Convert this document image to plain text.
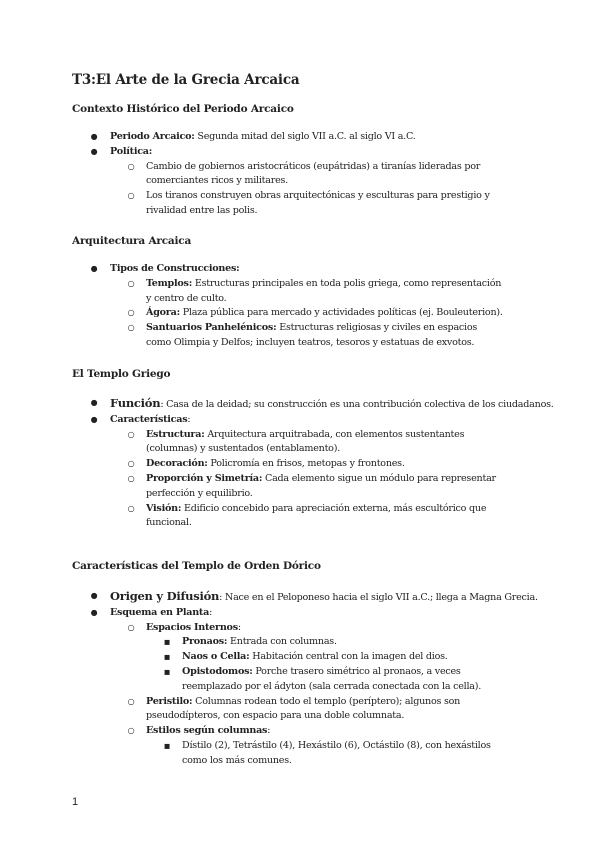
T3:El Arte de la Grecia Arcaica
Contexto Histórico del Periodo Arcaico
● Periodo Arcaico: Segunda mitad del siglo VII a.C. al siglo VI a.C.
● Política:
○ Cambio de gobiernos aristocráticos (eupátridas) a tiranías lideradas por comerciantes ricos y militares.
○ Los tiranos construyen obras arquitectónicas y esculturas para prestigio y rivalidad entre las polis.
Arquitectura Arcaica
● Tipos de Construcciones:
○ Templos: Estructuras principales en toda polis griega, como representación y centro de culto.
○ Ágora: Plaza pública para mercado y actividades políticas (ej. Bouleuterion).
○ Santuarios Panhelénicos: Estructuras religiosas y civiles en espacios como Olimpia y Delfos; incluyen teatros, tesoros y estatuas de exvotos.
El Templo Griego
● Función: Casa de la deidad; su construcción es una contribución colectiva de los ciudadanos.
● Características:
○ Estructura: Arquitectura arquitrabada, con elementos sustentantes (columnas) y sustentados (entablamento).
○ Decoración: Policromía en frisos, metopas y frontones.
○ Proporción y Simetría: Cada elemento sigue un módulo para representar perfección y equilibrio.
○ Visión: Edificio concebido para apreciación externa, más escultórico que funcional.
Características del Templo de Orden Dórico
● Origen y Difusión: Nace en el Peloponeso hacia el siglo VII a.C.; llega a Magna Grecia.
● Esquema en Planta:
○ Espacios Internos:
■	Pronaos: Entrada con columnas.
■	Naos o Cella: Habitación central con la imagen del dios.
■	Opistodomos: Porche trasero simétrico al pronaos, a veces reemplazado por el ádyton (sala cerrada conectada con la cella).
○ Peristilo: Columnas rodean todo el templo (períptero); algunos son pseudodípteros, con espacio para una doble columnata.
○ Estilos según columnas:
■	Dístilo (2), Tetrástilo (4), Hexástilo (6), Octástilo (8), con hexástilos como los más comunes.
1
